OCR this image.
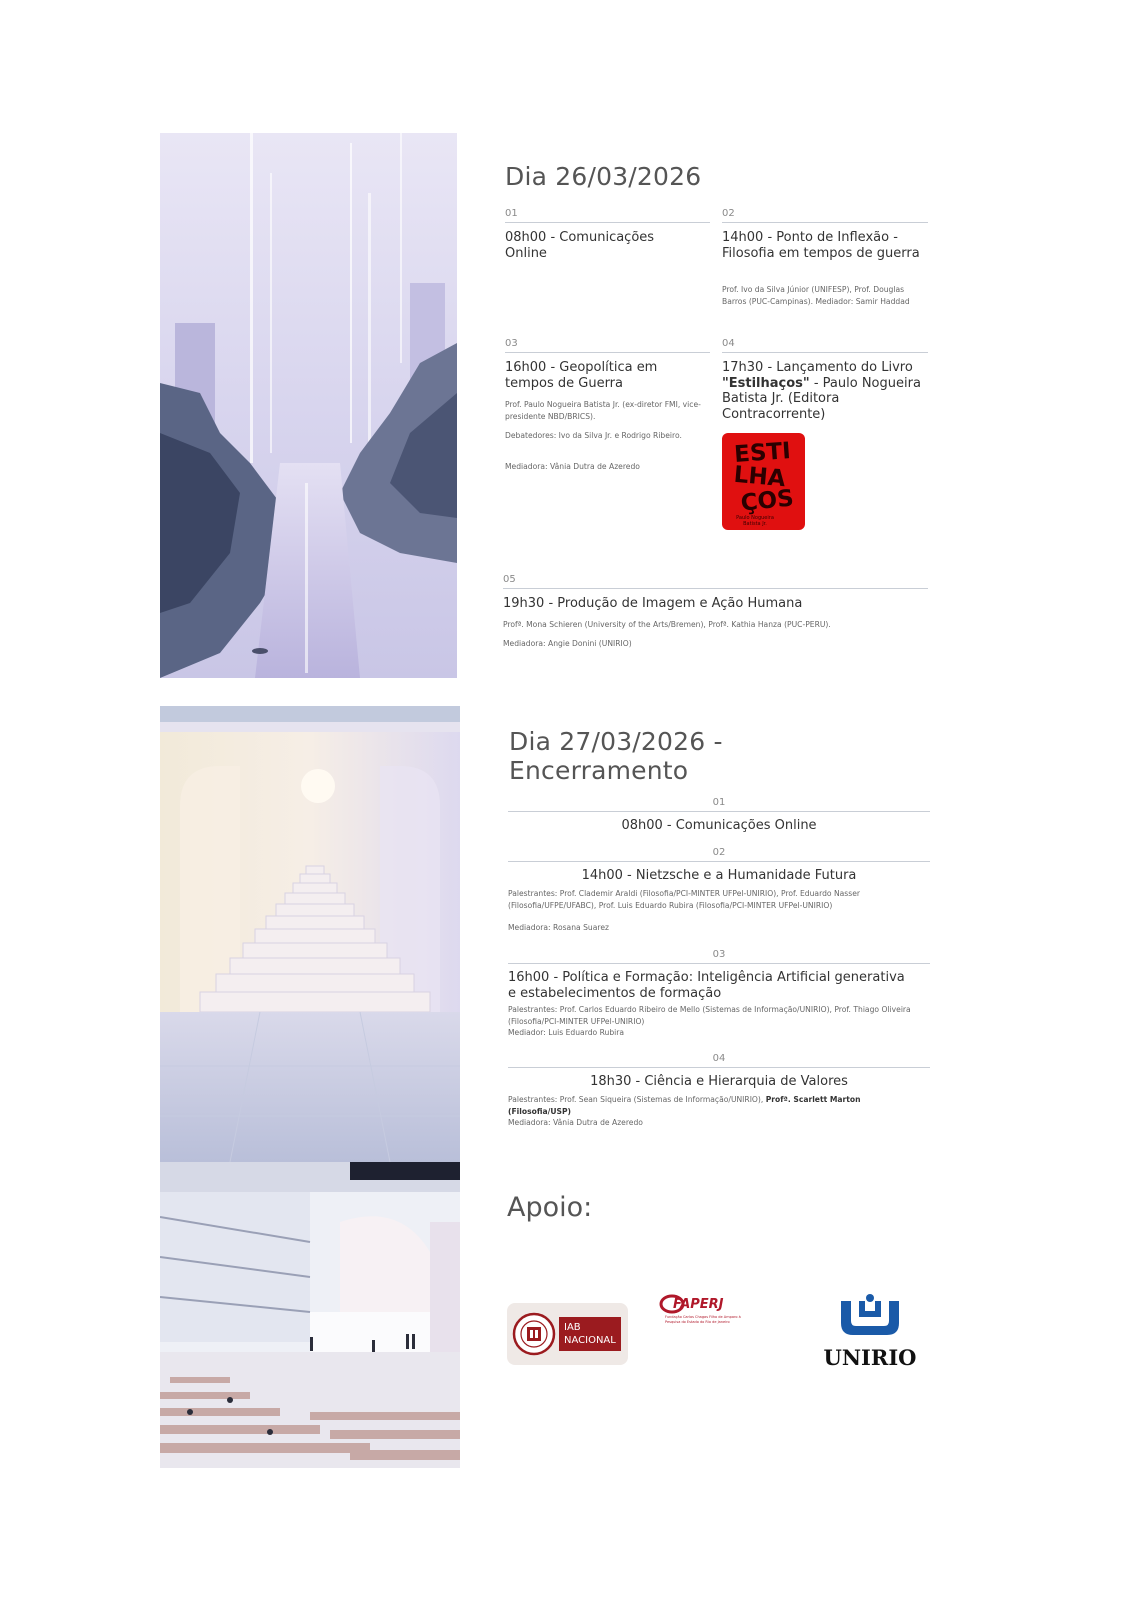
Dia 26/03/2026
01
08h00 - Comunicações Online
02
14h00 - Ponto de Inflexão - Filosofia em tempos de guerra
Prof. Ivo da Silva Júnior (UNIFESP), Prof. Douglas Barros (PUC-Campinas). Mediador: Samir Haddad
03
16h00 - Geopolítica em tempos de Guerra
Prof. Paulo Nogueira Batista Jr. (ex-diretor FMI, vice-presidente NBD/BRICS).
Debatedores: Ivo da Silva Jr. e Rodrigo Ribeiro.
Mediadora: Vânia Dutra de Azeredo
04
17h30 - Lançamento do Livro "Estilhaços" - Paulo Nogueira Batista Jr. (Editora Contracorrente)
ESTI
LHA
ÇOS
Paulo Nogueira
Batista Jr.
05
19h30 - Produção de Imagem e Ação Humana
Profª. Mona Schieren (University of the Arts/Bremen), Profª. Kathia Hanza (PUC-PERU).
Mediadora: Angie Donini (UNIRIO)
Dia 27/03/2026 -
Encerramento
01
08h00 - Comunicações Online
02
14h00 - Nietzsche e a Humanidade Futura
Palestrantes: Prof. Clademir Araldi (Filosofia/PCI-MINTER UFPel-UNIRIO), Prof. Eduardo Nasser (Filosofia/UFPE/UFABC), Prof. Luis Eduardo Rubira (Filosofia/PCI-MINTER UFPel-UNIRIO)
Mediadora: Rosana Suarez
03
16h00 - Política e Formação: Inteligência Artificial generativa e estabelecimentos de formação
Palestrantes: Prof. Carlos Eduardo Ribeiro de Mello (Sistemas de Informação/UNIRIO), Prof. Thiago Oliveira (Filosofia/PCI-MINTER UFPel-UNIRIO)
Mediador: Luis Eduardo Rubira
04
18h30 - Ciência e Hierarquia de Valores
Palestrantes: Prof. Sean Siqueira (Sistemas de Informação/UNIRIO), Profª. Scarlett Marton (Filosofia/USP)
Mediadora: Vânia Dutra de Azeredo
Apoio:
IAB
NACIONAL
FAPERJ
Fundação Carlos Chagas Filho de Amparo à Pesquisa do Estado do Rio de Janeiro
UNIRIO
